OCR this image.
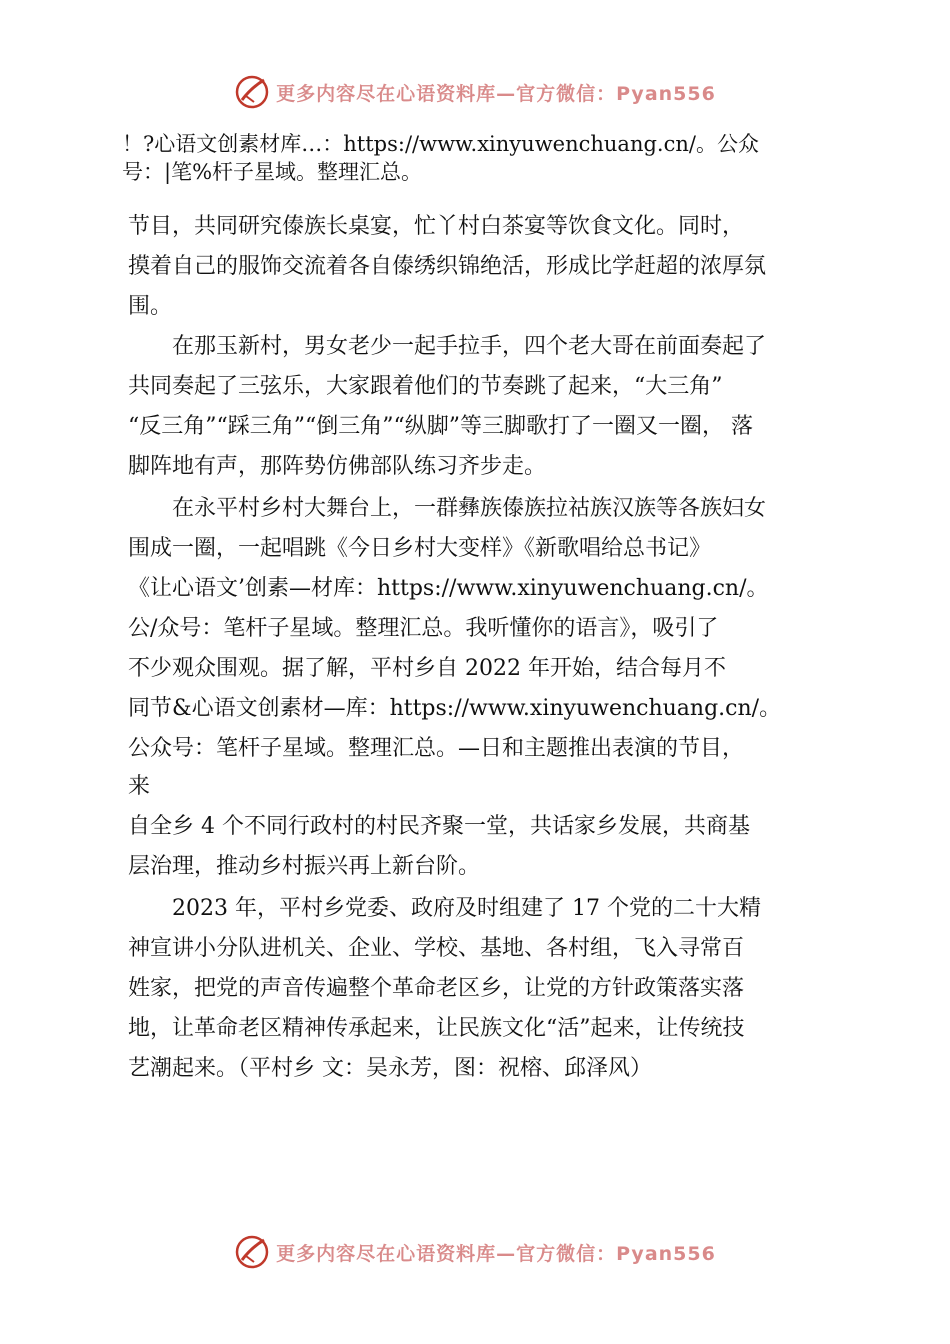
更多内容尽在心语资料库—官方微信：Pyan556
！?心语文创素材库…：https://www.xinyuwenchuang.cn/。公众
号：|笔%杆子星域。整理汇总。
节目，共同研究傣族长桌宴，忙丫村白茶宴等饮食文化。同时，
摸着自己的服饰交流着各自傣绣织锦绝活，形成比学赶超的浓厚氛
围。
　　在那玉新村，男女老少一起手拉手，四个老大哥在前面奏起了
共同奏起了三弦乐，大家跟着他们的节奏跳了起来，“大三角”
“反三角”“踩三角”“倒三角”“纵脚”等三脚歌打了一圈又一圈， 落
脚阵地有声，那阵势仿佛部队练习齐步走。
　　在永平村乡村大舞台上，一群彝族傣族拉祜族汉族等各族妇女
围成一圈，一起唱跳《今日乡村大变样》《新歌唱给总书记》
《让心语文’创素—材库：https://www.xinyuwenchuang.cn/。
公/众号：笔杆子星域。整理汇总。我听懂你的语言》，吸引了
不少观众围观。据了解，平村乡自 2022 年开始，结合每月不
同节&心语文创素材—库：https://www.xinyuwenchuang.cn/。
公众号：笔杆子星域。整理汇总。—日和主题推出表演的节目，
来
自全乡 4 个不同行政村的村民齐聚一堂，共话家乡发展，共商基
层治理，推动乡村振兴再上新台阶。
　　2023 年，平村乡党委、政府及时组建了 17 个党的二十大精
神宣讲小分队进机关、企业、学校、基地、各村组，飞入寻常百
姓家，把党的声音传遍整个革命老区乡，让党的方针政策落实落
地，让革命老区精神传承起来，让民族文化“活”起来，让传统技
艺潮起来。（平村乡 文：吴永芳，图：祝榕、邱泽风）
更多内容尽在心语资料库—官方微信：Pyan556
